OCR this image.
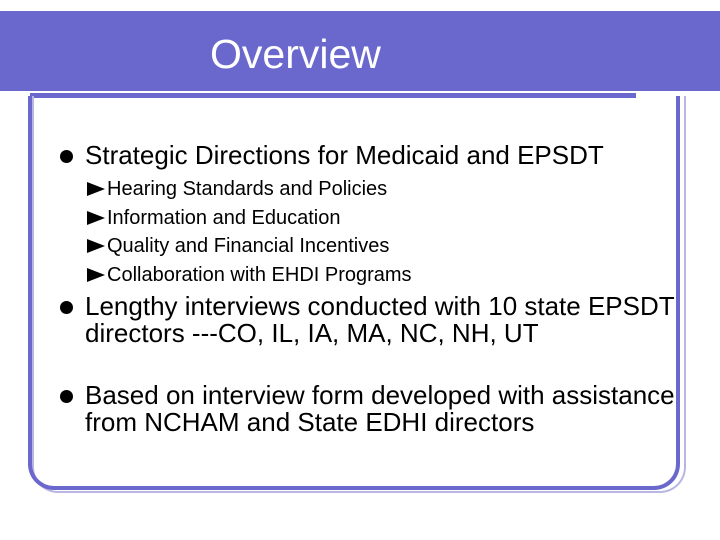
Overview
Strategic Directions for Medicaid and EPSDT
Hearing Standards and Policies
Information and Education
Quality and Financial Incentives
Collaboration with EHDI Programs
Lengthy interviews conducted with 10 state EPSDT directors ---CO, IL, IA, MA, NC, NH, UT
Based on interview form developed with assistance from NCHAM and State EDHI directors
